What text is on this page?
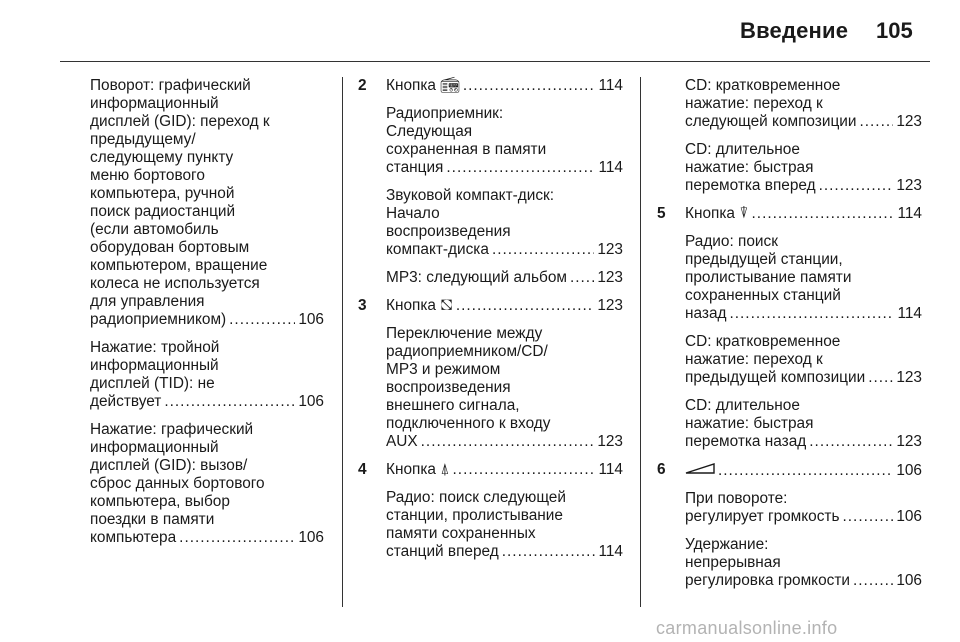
Введение 105
Поворот: графический
информационный
дисплей (GID): переход к
предыдущему/
следующему пункту
меню бортового
компьютера, ручной
поиск радиостанций
(если автомобиль
оборудован бортовым
компьютером, вращение
колеса не используется
для управления
радиоприемником) .....	106
Нажатие: тройной
информационный
дисплей (TID): не
действует .....	106
Нажатие: графический
информационный
дисплей (GID): вызов/
сброс данных бортового
компьютера, выбор
поездки в памяти
компьютера .....	106
2 Кнопка
📻︎ .....	114
Радиоприемник:
Следующая
сохраненная в памяти
станция .....	114
Звуковой компакт-диск:
Начало
воспроизведения
компакт-диска .....	123
MP3: следующий альбом ..... 123
3 Кнопка
⛞ .....	123
Переключение между
радиоприемником/CD/
MP3 и режимом
воспроизведения
внешнего сигнала,
подключенного к входу
AUX .....	123
4 Кнопка
⍋ .....	114
Радио: поиск следующей
станции, пролистывание
памяти сохраненных
станций вперед .....	114
CD: кратковременное
нажатие: переход к
следующей композиции .....	123
CD: длительное
нажатие: быстрая
перемотка вперед .....	123
5 Кнопка
⍒ .....	114
Радио: поиск
предыдущей станции,
пролистывание памяти
сохраненных станций
назад .....	114
CD: кратковременное
нажатие: переход к
предыдущей композиции ..... 123
CD: длительное
нажатие: быстрая
перемотка назад .....	123
6 .....	106
При повороте:
регулирует громкость .....	106
Удержание:
непрерывная
регулировка громкости .....	106
carmanualsonline.info
